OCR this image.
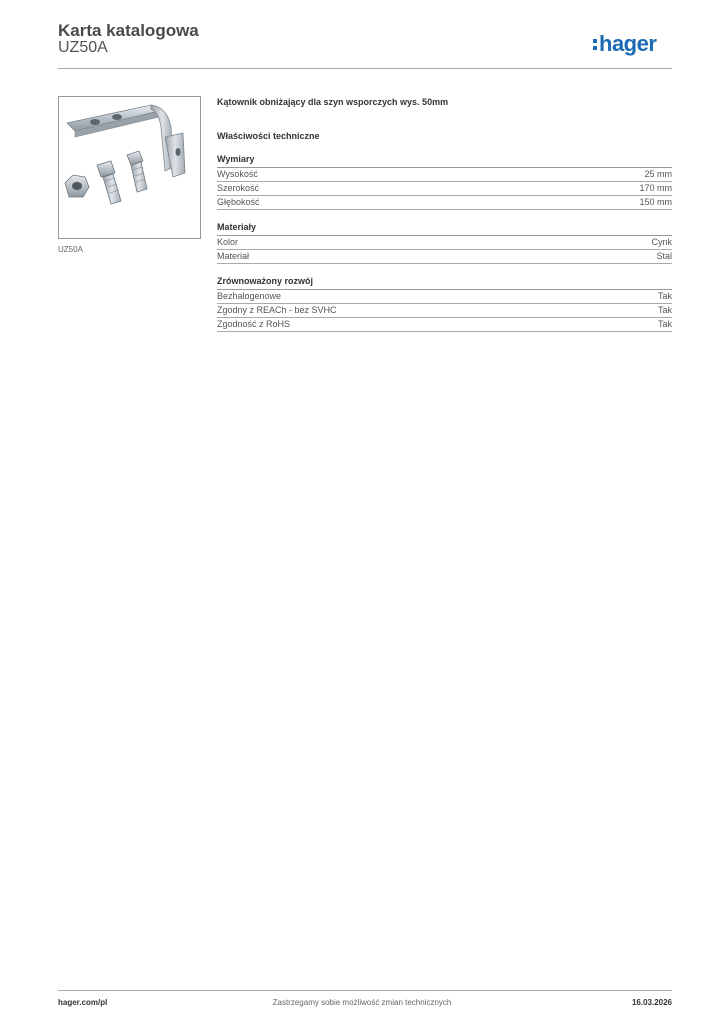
Karta katalogowa
UZ50A	hager
UZ50A
Kątownik obniżający dla szyn wsporczych wys. 50mm
Właściwości techniczne
Wymiary
Wysokość	25 mm
Szerokość	170 mm
Głębokość	150 mm
Materiały
Kolor	Cynk
Materiał	Stal
Zrównoważony rozwój
Bezhalogenowe	Tak
Zgodny z REACh - bez SVHC	Tak
Zgodność z RoHS	Tak
hager.com/pl	Zastrzegamy sobie możliwość zmian technicznych	16.03.2026
